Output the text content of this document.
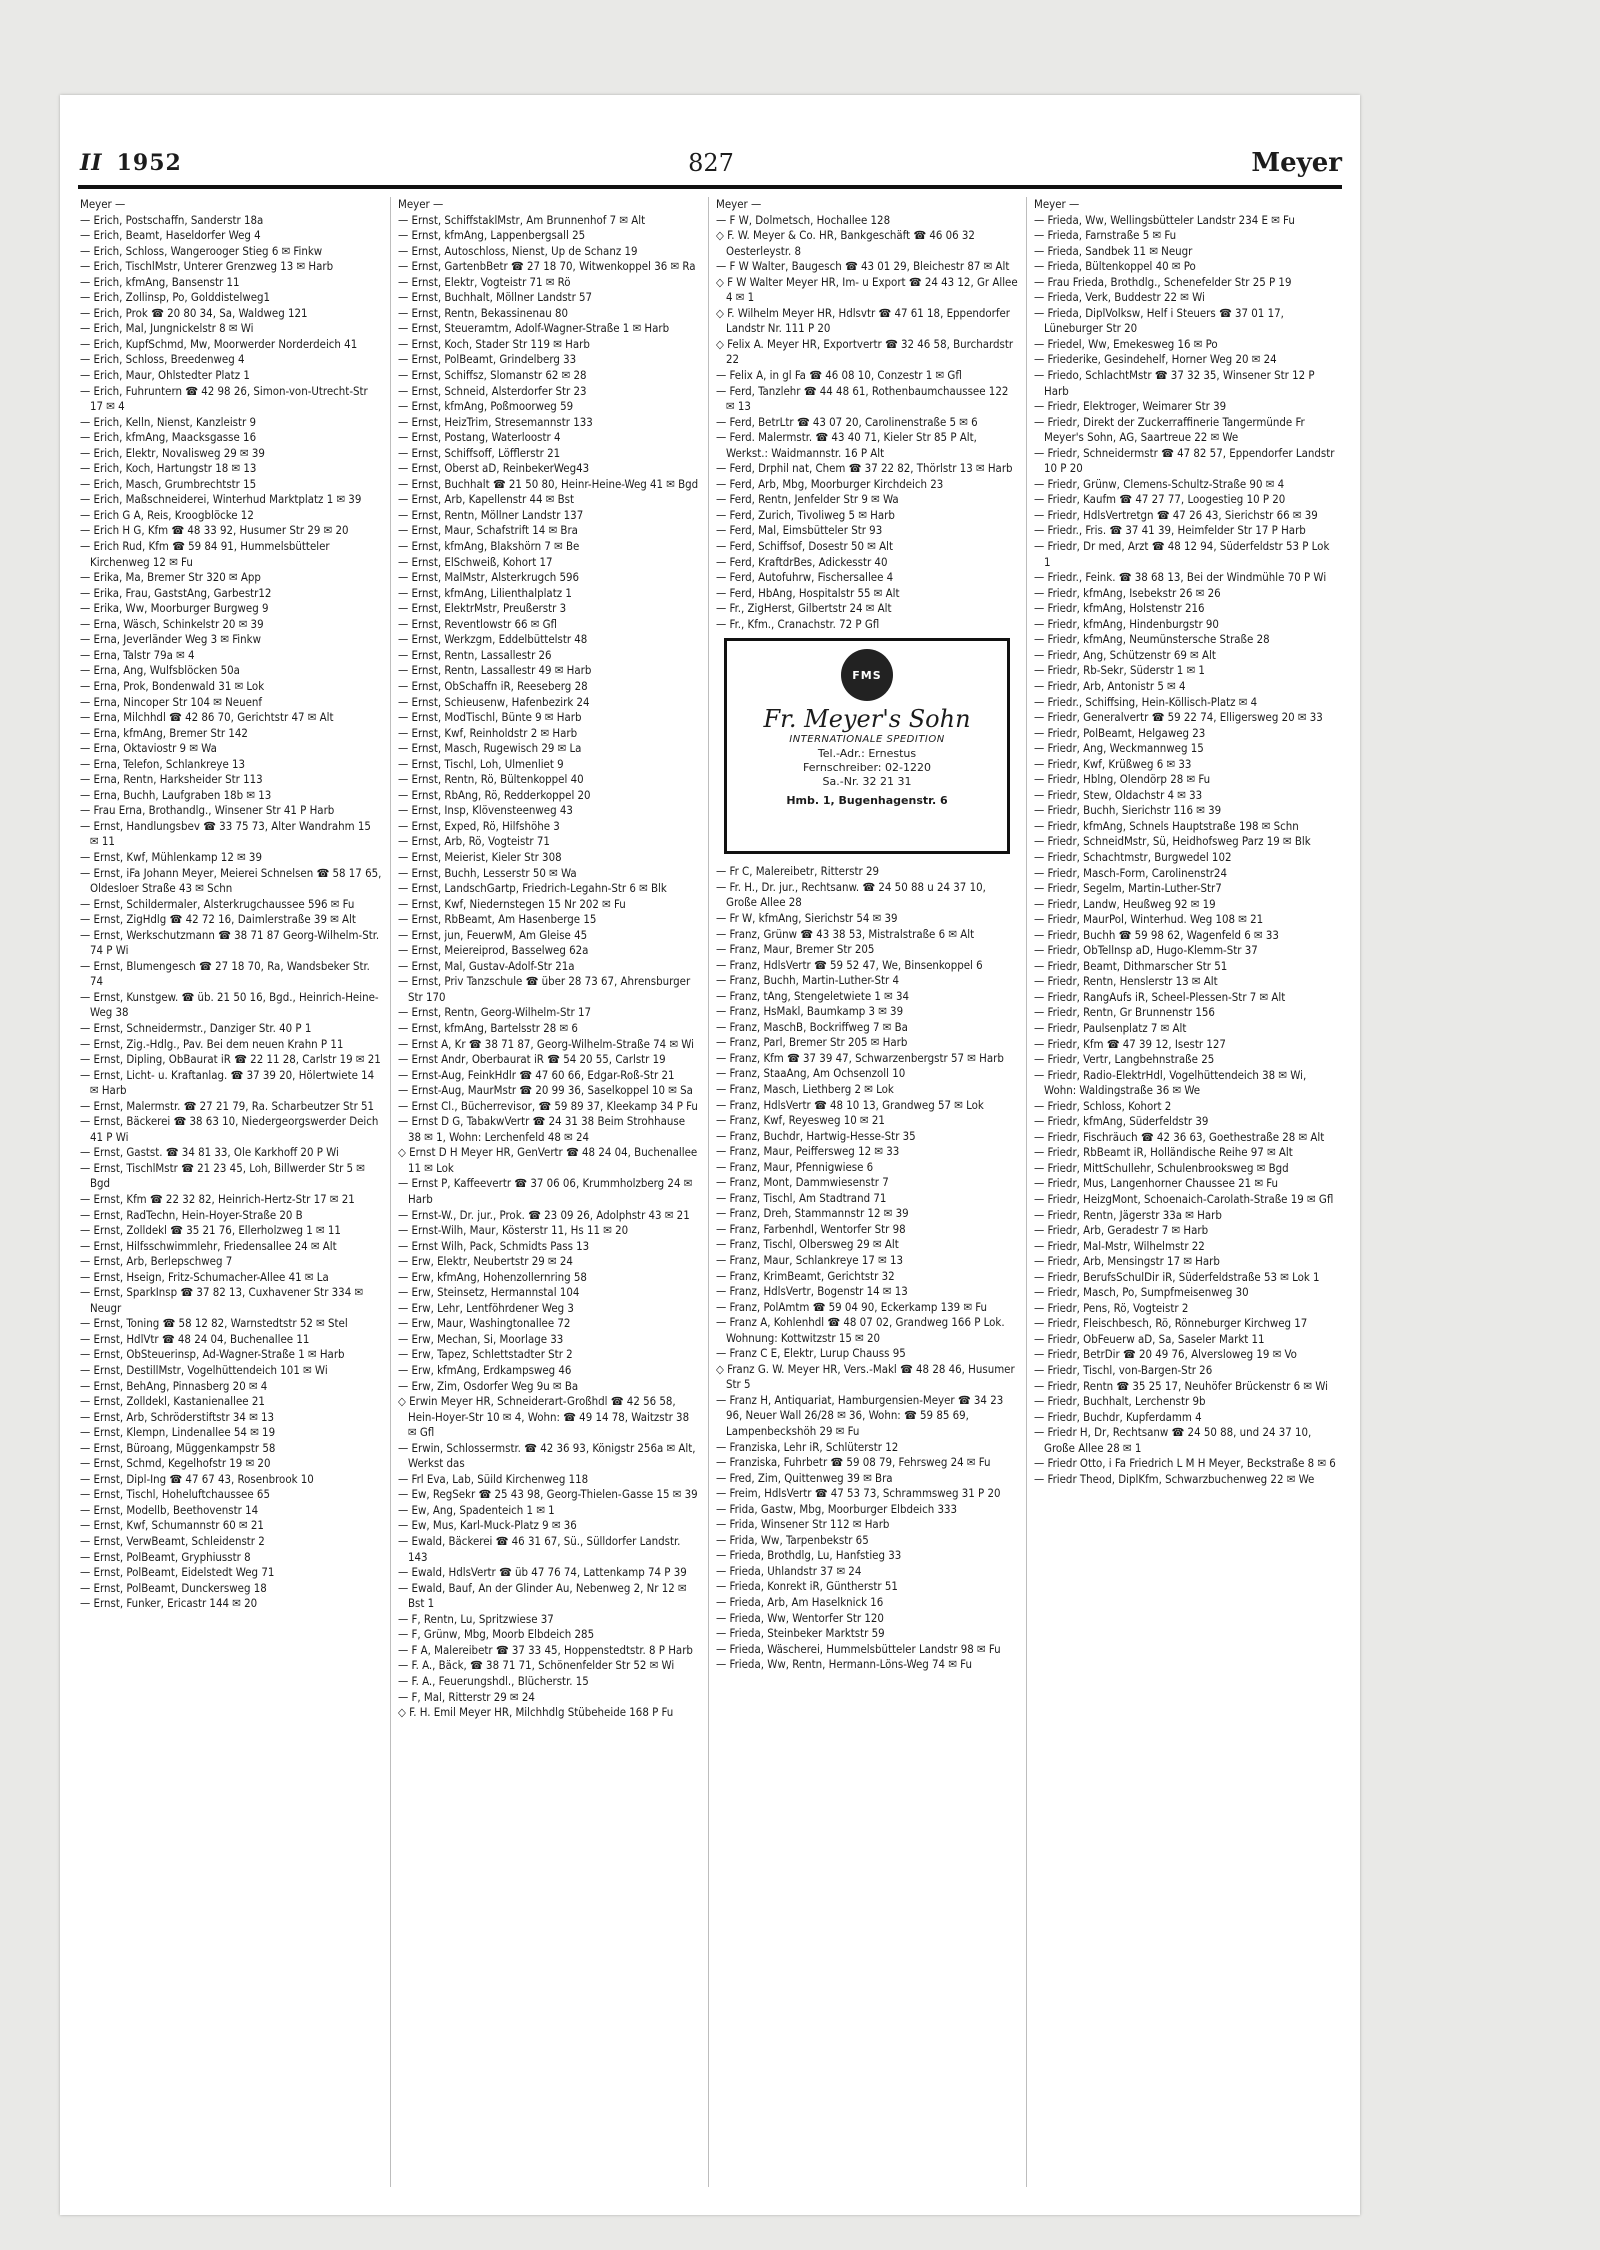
II 1952	827	Meyer
Meyer —
— Erich, Postschaffn, Sanderstr 18a
— Erich, Beamt, Haseldorfer Weg 4
— Erich, Schloss, Wangerooger Stieg 6 ✉ Finkw
— Erich, TischlMstr, Unterer Grenzweg 13 ✉ Harb
— Erich, kfmAng, Bansenstr 11
— Erich, Zollinsp, Po, Golddistelweg1
— Erich, Prok ☎ 20 80 34, Sa, Waldweg 121
— Erich, Mal, Jungnickelstr 8 ✉ Wi
— Erich, KupfSchmd, Mw, Moorwerder Norderdeich 41
— Erich, Schloss, Breedenweg 4
— Erich, Maur, Ohlstedter Platz 1
— Erich, Fuhruntern ☎ 42 98 26, Simon-von-Utrecht-Str 17 ✉ 4
— Erich, Kelln, Nienst, Kanzleistr 9
— Erich, kfmAng, Maacksgasse 16
— Erich, Elektr, Novalisweg 29 ✉ 39
— Erich, Koch, Hartungstr 18 ✉ 13
— Erich, Masch, Grumbrechtstr 15
— Erich, Maßschneiderei, Winterhud Marktplatz 1 ✉ 39
— Erich G A, Reis, Kroogblöcke 12
— Erich H G, Kfm ☎ 48 33 92, Husumer Str 29 ✉ 20
— Erich Rud, Kfm ☎ 59 84 91, Hummelsbütteler Kirchenweg 12 ✉ Fu
— Erika, Ma, Bremer Str 320 ✉ App
— Erika, Frau, GaststAng, Garbestr12
— Erika, Ww, Moorburger Burgweg 9
— Erna, Wäsch, Schinkelstr 20 ✉ 39
— Erna, Jeverländer Weg 3 ✉ Finkw
— Erna, Talstr 79a ✉ 4
— Erna, Ang, Wulfsblöcken 50a
— Erna, Prok, Bondenwald 31 ✉ Lok
— Erna, Nincoper Str 104 ✉ Neuenf
— Erna, Milchhdl ☎ 42 86 70, Gerichtstr 47 ✉ Alt
— Erna, kfmAng, Bremer Str 142
— Erna, Oktaviostr 9 ✉ Wa
— Erna, Telefon, Schlankreye 13
— Erna, Rentn, Harksheider Str 113
— Erna, Buchh, Laufgraben 18b ✉ 13
— Frau Erna, Brothandlg., Winsener Str 41 P Harb
— Ernst, Handlungsbev ☎ 33 75 73, Alter Wandrahm 15 ✉ 11
— Ernst, Kwf, Mühlenkamp 12 ✉ 39
— Ernst, iFa Johann Meyer, Meierei Schnelsen ☎ 58 17 65, Oldesloer Straße 43 ✉ Schn
— Ernst, Schildermaler, Alsterkrugchaussee 596 ✉ Fu
— Ernst, ZigHdlg ☎ 42 72 16, Daimlerstraße 39 ✉ Alt
— Ernst, Werkschutzmann ☎ 38 71 87 Georg-Wilhelm-Str. 74 P Wi
— Ernst, Blumengesch ☎ 27 18 70, Ra, Wandsbeker Str. 74
— Ernst, Kunstgew. ☎ üb. 21 50 16, Bgd., Heinrich-Heine-Weg 38
— Ernst, Schneidermstr., Danziger Str. 40 P 1
— Ernst, Zig.-Hdlg., Pav. Bei dem neuen Krahn P 11
— Ernst, Dipling, ObBaurat iR ☎ 22 11 28, Carlstr 19 ✉ 21
— Ernst, Licht- u. Kraftanlag. ☎ 37 39 20, Hölertwiete 14 ✉ Harb
— Ernst, Malermstr. ☎ 27 21 79, Ra. Scharbeutzer Str 51
— Ernst, Bäckerei ☎ 38 63 10, Niedergeorgswerder Deich 41 P Wi
— Ernst, Gastst. ☎ 34 81 33, Ole Karkhoff 20 P Wi
— Ernst, TischlMstr ☎ 21 23 45, Loh, Billwerder Str 5 ✉ Bgd
— Ernst, Kfm ☎ 22 32 82, Heinrich-Hertz-Str 17 ✉ 21
— Ernst, RadTechn, Hein-Hoyer-Straße 20 B
— Ernst, Zolldekl ☎ 35 21 76, Ellerholzweg 1 ✉ 11
— Ernst, Hilfsschwimmlehr, Friedensallee 24 ✉ Alt
— Ernst, Arb, Berlepschweg 7
— Ernst, Hseign, Fritz-Schumacher-Allee 41 ✉ La
— Ernst, SparkInsp ☎ 37 82 13, Cuxhavener Str 334 ✉ Neugr
— Ernst, Toning ☎ 58 12 82, Warnstedtstr 52 ✉ Stel
— Ernst, HdlVtr ☎ 48 24 04, Buchenallee 11
— Ernst, ObSteuerinsp, Ad-Wagner-Straße 1 ✉ Harb
— Ernst, DestillMstr, Vogelhüttendeich 101 ✉ Wi
— Ernst, BehAng, Pinnasberg 20 ✉ 4
— Ernst, Zolldekl, Kastanienallee 21
— Ernst, Arb, Schröderstiftstr 34 ✉ 13
— Ernst, Klempn, Lindenallee 54 ✉ 19
— Ernst, Büroang, Müggenkampstr 58
— Ernst, Schmd, Kegelhofstr 19 ✉ 20
— Ernst, Dipl-Ing ☎ 47 67 43, Rosenbrook 10
— Ernst, Tischl, Hoheluftchaussee 65
— Ernst, Modellb, Beethovenstr 14
— Ernst, Kwf, Schumannstr 60 ✉ 21
— Ernst, VerwBeamt, Schleidenstr 2
— Ernst, PolBeamt, Gryphiusstr 8
— Ernst, PolBeamt, Eidelstedt Weg 71
— Ernst, PolBeamt, Dunckersweg 18
— Ernst, Funker, Ericastr 144 ✉ 20
Meyer —
— Ernst, SchiffstaklMstr, Am Brunnenhof 7 ✉ Alt
— Ernst, kfmAng, Lappenbergsall 25
— Ernst, Autoschloss, Nienst, Up de Schanz 19
— Ernst, GartenbBetr ☎ 27 18 70, Witwenkoppel 36 ✉ Ra
— Ernst, Elektr, Vogteistr 71 ✉ Rö
— Ernst, Buchhalt, Möllner Landstr 57
— Ernst, Rentn, Bekassinenau 80
— Ernst, Steueramtm, Adolf-Wagner-Straße 1 ✉ Harb
— Ernst, Koch, Stader Str 119 ✉ Harb
— Ernst, PolBeamt, Grindelberg 33
— Ernst, Schiffsz, Slomanstr 62 ✉ 28
— Ernst, Schneid, Alsterdorfer Str 23
— Ernst, kfmAng, Poßmoorweg 59
— Ernst, HeizTrim, Stresemannstr 133
— Ernst, Postang, Waterloostr 4
— Ernst, Schiffsoff, Löfflerstr 21
— Ernst, Oberst aD, ReinbekerWeg43
— Ernst, Buchhalt ☎ 21 50 80, Heinr-Heine-Weg 41 ✉ Bgd
— Ernst, Arb, Kapellenstr 44 ✉ Bst
— Ernst, Rentn, Möllner Landstr 137
— Ernst, Maur, Schafstrift 14 ✉ Bra
— Ernst, kfmAng, Blakshörn 7 ✉ Be
— Ernst, ElSchweiß, Kohort 17
— Ernst, MalMstr, Alsterkrugch 596
— Ernst, kfmAng, Lilienthalplatz 1
— Ernst, ElektrMstr, Preußerstr 3
— Ernst, Reventlowstr 66 ✉ Gfl
— Ernst, Werkzgm, Eddelbüttelstr 48
— Ernst, Rentn, Lassallestr 26
— Ernst, Rentn, Lassallestr 49 ✉ Harb
— Ernst, ObSchaffn iR, Reeseberg 28
— Ernst, Schieusenw, Hafenbezirk 24
— Ernst, ModTischl, Bünte 9 ✉ Harb
— Ernst, Kwf, Reinholdstr 2 ✉ Harb
— Ernst, Masch, Rugewisch 29 ✉ La
— Ernst, Tischl, Loh, Ulmenliet 9
— Ernst, Rentn, Rö, Bültenkoppel 40
— Ernst, RbAng, Rö, Redderkoppel 20
— Ernst, Insp, Klövensteenweg 43
— Ernst, Exped, Rö, Hilfshöhe 3
— Ernst, Arb, Rö, Vogteistr 71
— Ernst, Meierist, Kieler Str 308
— Ernst, Buchh, Lesserstr 50 ✉ Wa
— Ernst, LandschGartp, Friedrich-Legahn-Str 6 ✉ Blk
— Ernst, Kwf, Niedernstegen 15 Nr 202 ✉ Fu
— Ernst, RbBeamt, Am Hasenberge 15
— Ernst, jun, FeuerwM, Am Gleise 45
— Ernst, Meiereiprod, Basselweg 62a
— Ernst, Mal, Gustav-Adolf-Str 21a
— Ernst, Priv Tanzschule ☎ über 28 73 67, Ahrensburger Str 170
— Ernst, Rentn, Georg-Wilhelm-Str 17
— Ernst, kfmAng, Bartelsstr 28 ✉ 6
— Ernst A, Kr ☎ 38 71 87, Georg-Wilhelm-Straße 74 ✉ Wi
— Ernst Andr, Oberbaurat iR ☎ 54 20 55, Carlstr 19
— Ernst-Aug, FeinkHdlr ☎ 47 60 66, Edgar-Roß-Str 21
— Ernst-Aug, MaurMstr ☎ 20 99 36, Saselkoppel 10 ✉ Sa
— Ernst Cl., Bücherrevisor, ☎ 59 89 37, Kleekamp 34 P Fu
— Ernst D G, TabakwVertr ☎ 24 31 38 Beim Strohhause 38 ✉ 1, Wohn: Lerchenfeld 48 ✉ 24
◇ Ernst D H Meyer HR, GenVertr ☎ 48 24 04, Buchenallee 11 ✉ Lok
— Ernst P, Kaffeevertr ☎ 37 06 06, Krummholzberg 24 ✉ Harb
— Ernst-W., Dr. jur., Prok. ☎ 23 09 26, Adolphstr 43 ✉ 21
— Ernst-Wilh, Maur, Kösterstr 11, Hs 11 ✉ 20
— Ernst Wilh, Pack, Schmidts Pass 13
— Erw, Elektr, Neubertstr 29 ✉ 24
— Erw, kfmAng, Hohenzollernring 58
— Erw, Steinsetz, Hermannstal 104
— Erw, Lehr, Lentföhrdener Weg 3
— Erw, Maur, Washingtonallee 72
— Erw, Mechan, Si, Moorlage 33
— Erw, Tapez, Schlettstadter Str 2
— Erw, kfmAng, Erdkampsweg 46
— Erw, Zim, Osdorfer Weg 9u ✉ Ba
◇ Erwin Meyer HR, Schneiderart-Großhdl ☎ 42 56 58, Hein-Hoyer-Str 10 ✉ 4, Wohn: ☎ 49 14 78, Waitzstr 38 ✉ Gfl
— Erwin, Schlossermstr. ☎ 42 36 93, Königstr 256a ✉ Alt, Werkst das
— Frl Eva, Lab, Süild Kirchenweg 118
— Ew, RegSekr ☎ 25 43 98, Georg-Thielen-Gasse 15 ✉ 39
— Ew, Ang, Spadenteich 1 ✉ 1
— Ew, Mus, Karl-Muck-Platz 9 ✉ 36
— Ewald, Bäckerei ☎ 46 31 67, Sü., Sülldorfer Landstr. 143
— Ewald, HdlsVertr ☎ üb 47 76 74, Lattenkamp 74 P 39
— Ewald, Bauf, An der Glinder Au, Nebenweg 2, Nr 12 ✉ Bst 1
— F, Rentn, Lu, Spritzwiese 37
— F, Grünw, Mbg, Moorb Elbdeich 285
— F A, Malereibetr ☎ 37 33 45, Hoppenstedtstr. 8 P Harb
— F. A., Bäck, ☎ 38 71 71, Schönenfelder Str 52 ✉ Wi
— F. A., Feuerungshdl., Blücherstr. 15
— F, Mal, Ritterstr 29 ✉ 24
◇ F. H. Emil Meyer HR, Milchhdlg Stübeheide 168 P Fu
Meyer —
— F W, Dolmetsch, Hochallee 128
◇ F. W. Meyer & Co. HR, Bankgeschäft ☎ 46 06 32 Oesterleystr. 8
— F W Walter, Baugesch ☎ 43 01 29, Bleichestr 87 ✉ Alt
◇ F W Walter Meyer HR, Im- u Export ☎ 24 43 12, Gr Allee 4 ✉ 1
◇ F. Wilhelm Meyer HR, Hdlsvtr ☎ 47 61 18, Eppendorfer Landstr Nr. 111 P 20
◇ Felix A. Meyer HR, Exportvertr ☎ 32 46 58, Burchardstr 22
— Felix A, in gl Fa ☎ 46 08 10, Conzestr 1 ✉ Gfl
— Ferd, Tanzlehr ☎ 44 48 61, Rothenbaumchaussee 122 ✉ 13
— Ferd, BetrLtr ☎ 43 07 20, Carolinenstraße 5 ✉ 6
— Ferd. Malermstr. ☎ 43 40 71, Kieler Str 85 P Alt, Werkst.: Waidmannstr. 16 P Alt
— Ferd, Drphil nat, Chem ☎ 37 22 82, Thörlstr 13 ✉ Harb
— Ferd, Arb, Mbg, Moorburger Kirchdeich 23
— Ferd, Rentn, Jenfelder Str 9 ✉ Wa
— Ferd, Zurich, Tivoliweg 5 ✉ Harb
— Ferd, Mal, Eimsbütteler Str 93
— Ferd, Schiffsof, Dosestr 50 ✉ Alt
— Ferd, KraftdrBes, Adickesstr 40
— Ferd, Autofuhrw, Fischersallee 4
— Ferd, HbAng, Hospitalstr 55 ✉ Alt
— Fr., ZigHerst, Gilbertstr 24 ✉ Alt
— Fr., Kfm., Cranachstr. 72 P Gfl
FMS
Fr. Meyer's Sohn
INTERNATIONALE SPEDITION
Tel.-Adr.: Ernestus
Fernschreiber: 02-1220
Sa.-Nr. 32 21 31
Hmb. 1, Bugenhagenstr. 6
— Fr C, Malereibetr, Ritterstr 29
— Fr. H., Dr. jur., Rechtsanw. ☎ 24 50 88 u 24 37 10, Große Allee 28
— Fr W, kfmAng, Sierichstr 54 ✉ 39
— Franz, Grünw ☎ 43 38 53, Mistralstraße 6 ✉ Alt
— Franz, Maur, Bremer Str 205
— Franz, HdlsVertr ☎ 59 52 47, We, Binsenkoppel 6
— Franz, Buchh, Martin-Luther-Str 4
— Franz, tAng, Stengeletwiete 1 ✉ 34
— Franz, HsMakl, Baumkamp 3 ✉ 39
— Franz, MaschB, Bockriffweg 7 ✉ Ba
— Franz, Parl, Bremer Str 205 ✉ Harb
— Franz, Kfm ☎ 37 39 47, Schwarzenbergstr 57 ✉ Harb
— Franz, StaaAng, Am Ochsenzoll 10
— Franz, Masch, Liethberg 2 ✉ Lok
— Franz, HdlsVertr ☎ 48 10 13, Grandweg 57 ✉ Lok
— Franz, Kwf, Reyesweg 10 ✉ 21
— Franz, Buchdr, Hartwig-Hesse-Str 35
— Franz, Maur, Peiffersweg 12 ✉ 33
— Franz, Maur, Pfennigwiese 6
— Franz, Mont, Dammwiesenstr 7
— Franz, Tischl, Am Stadtrand 71
— Franz, Dreh, Stammannstr 12 ✉ 39
— Franz, Farbenhdl, Wentorfer Str 98
— Franz, Tischl, Olbersweg 29 ✉ Alt
— Franz, Maur, Schlankreye 17 ✉ 13
— Franz, KrimBeamt, Gerichtstr 32
— Franz, HdlsVertr, Bogenstr 14 ✉ 13
— Franz, PolAmtm ☎ 59 04 90, Eckerkamp 139 ✉ Fu
— Franz A, Kohlenhdl ☎ 48 07 02, Grandweg 166 P Lok. Wohnung: Kottwitzstr 15 ✉ 20
— Franz C E, Elektr, Lurup Chauss 95
◇ Franz G. W. Meyer HR, Vers.-Makl ☎ 48 28 46, Husumer Str 5
— Franz H, Antiquariat, Hamburgensien-Meyer ☎ 34 23 96, Neuer Wall 26/28 ✉ 36, Wohn: ☎ 59 85 69, Lampenbeckshöh 29 ✉ Fu
— Franziska, Lehr iR, Schlüterstr 12
— Franziska, Fuhrbetr ☎ 59 08 79, Fehrsweg 24 ✉ Fu
— Fred, Zim, Quittenweg 39 ✉ Bra
— Freim, HdlsVertr ☎ 47 53 73, Schrammsweg 31 P 20
— Frida, Gastw, Mbg, Moorburger Elbdeich 333
— Frida, Winsener Str 112 ✉ Harb
— Frida, Ww, Tarpenbekstr 65
— Frieda, Brothdlg, Lu, Hanfstieg 33
— Frieda, Uhlandstr 37 ✉ 24
— Frieda, Konrekt iR, Güntherstr 51
— Frieda, Arb, Am Haselknick 16
— Frieda, Ww, Wentorfer Str 120
— Frieda, Steinbeker Marktstr 59
— Frieda, Wäscherei, Hummelsbütteler Landstr 98 ✉ Fu
— Frieda, Ww, Rentn, Hermann-Löns-Weg 74 ✉ Fu
Meyer —
— Frieda, Ww, Wellingsbütteler Landstr 234 E ✉ Fu
— Frieda, Farnstraße 5 ✉ Fu
— Frieda, Sandbek 11 ✉ Neugr
— Frieda, Bültenkoppel 40 ✉ Po
— Frau Frieda, Brothdlg., Schenefelder Str 25 P 19
— Frieda, Verk, Buddestr 22 ✉ Wi
— Frieda, DiplVolksw, Helf i Steuers ☎ 37 01 17, Lüneburger Str 20
— Friedel, Ww, Emekesweg 16 ✉ Po
— Friederike, Gesindehelf, Horner Weg 20 ✉ 24
— Friedo, SchlachtMstr ☎ 37 32 35, Winsener Str 12 P Harb
— Friedr, Elektroger, Weimarer Str 39
— Friedr, Direkt der Zuckerraffinerie Tangermünde Fr Meyer's Sohn, AG, Saartreue 22 ✉ We
— Friedr, Schneidermstr ☎ 47 82 57, Eppendorfer Landstr 10 P 20
— Friedr, Grünw, Clemens-Schultz-Straße 90 ✉ 4
— Friedr, Kaufm ☎ 47 27 77, Loogestieg 10 P 20
— Friedr, HdlsVertretgn ☎ 47 26 43, Sierichstr 66 ✉ 39
— Friedr., Fris. ☎ 37 41 39, Heimfelder Str 17 P Harb
— Friedr, Dr med, Arzt ☎ 48 12 94, Süderfeldstr 53 P Lok 1
— Friedr., Feink. ☎ 38 68 13, Bei der Windmühle 70 P Wi
— Friedr, kfmAng, Isebekstr 26 ✉ 26
— Friedr, kfmAng, Holstenstr 216
— Friedr, kfmAng, Hindenburgstr 90
— Friedr, kfmAng, Neumünstersche Straße 28
— Friedr, Ang, Schützenstr 69 ✉ Alt
— Friedr, Rb-Sekr, Süderstr 1 ✉ 1
— Friedr, Arb, Antonistr 5 ✉ 4
— Friedr., Schiffsing, Hein-Köllisch-Platz ✉ 4
— Friedr, Generalvertr ☎ 59 22 74, Elligersweg 20 ✉ 33
— Friedr, PolBeamt, Helgaweg 23
— Friedr, Ang, Weckmannweg 15
— Friedr, Kwf, Krüßweg 6 ✉ 33
— Friedr, Hblng, Olendörp 28 ✉ Fu
— Friedr, Stew, Oldachstr 4 ✉ 33
— Friedr, Buchh, Sierichstr 116 ✉ 39
— Friedr, kfmAng, Schnels Hauptstraße 198 ✉ Schn
— Friedr, SchneidMstr, Sü, Heidhofsweg Parz 19 ✉ Blk
— Friedr, Schachtmstr, Burgwedel 102
— Friedr, Masch-Form, Carolinenstr24
— Friedr, Segelm, Martin-Luther-Str7
— Friedr, Landw, Heußweg 92 ✉ 19
— Friedr, MaurPol, Winterhud. Weg 108 ✉ 21
— Friedr, Buchh ☎ 59 98 62, Wagenfeld 6 ✉ 33
— Friedr, ObTellnsp aD, Hugo-Klemm-Str 37
— Friedr, Beamt, Dithmarscher Str 51
— Friedr, Rentn, Henslerstr 13 ✉ Alt
— Friedr, RangAufs iR, Scheel-Plessen-Str 7 ✉ Alt
— Friedr, Rentn, Gr Brunnenstr 156
— Friedr, Paulsenplatz 7 ✉ Alt
— Friedr, Kfm ☎ 47 39 12, Isestr 127
— Friedr, Vertr, Langbehnstraße 25
— Friedr, Radio-ElektrHdl, Vogelhüttendeich 38 ✉ Wi, Wohn: Waldingstraße 36 ✉ We
— Friedr, Schloss, Kohort 2
— Friedr, kfmAng, Süderfeldstr 39
— Friedr, Fischräuch ☎ 42 36 63, Goethestraße 28 ✉ Alt
— Friedr, RbBeamt iR, Holländische Reihe 97 ✉ Alt
— Friedr, MittSchullehr, Schulenbrooksweg ✉ Bgd
— Friedr, Mus, Langenhorner Chaussee 21 ✉ Fu
— Friedr, HeizgMont, Schoenaich-Carolath-Straße 19 ✉ Gfl
— Friedr, Rentn, Jägerstr 33a ✉ Harb
— Friedr, Arb, Geradestr 7 ✉ Harb
— Friedr, Mal-Mstr, Wilhelmstr 22
— Friedr, Arb, Mensingstr 17 ✉ Harb
— Friedr, BerufsSchulDir iR, Süderfeldstraße 53 ✉ Lok 1
— Friedr, Masch, Po, Sumpfmeisenweg 30
— Friedr, Pens, Rö, Vogteistr 2
— Friedr, Fleischbesch, Rö, Rönneburger Kirchweg 17
— Friedr, ObFeuerw aD, Sa, Saseler Markt 11
— Friedr, BetrDir ☎ 20 49 76, Alversloweg 19 ✉ Vo
— Friedr, Tischl, von-Bargen-Str 26
— Friedr, Rentn ☎ 35 25 17, Neuhöfer Brückenstr 6 ✉ Wi
— Friedr, Buchhalt, Lerchenstr 9b
— Friedr, Buchdr, Kupferdamm 4
— Friedr H, Dr, Rechtsanw ☎ 24 50 88, und 24 37 10, Große Allee 28 ✉ 1
— Friedr Otto, i Fa Friedrich L M H Meyer, Beckstraße 8 ✉ 6
— Friedr Theod, DiplKfm, Schwarzbuchenweg 22 ✉ We
